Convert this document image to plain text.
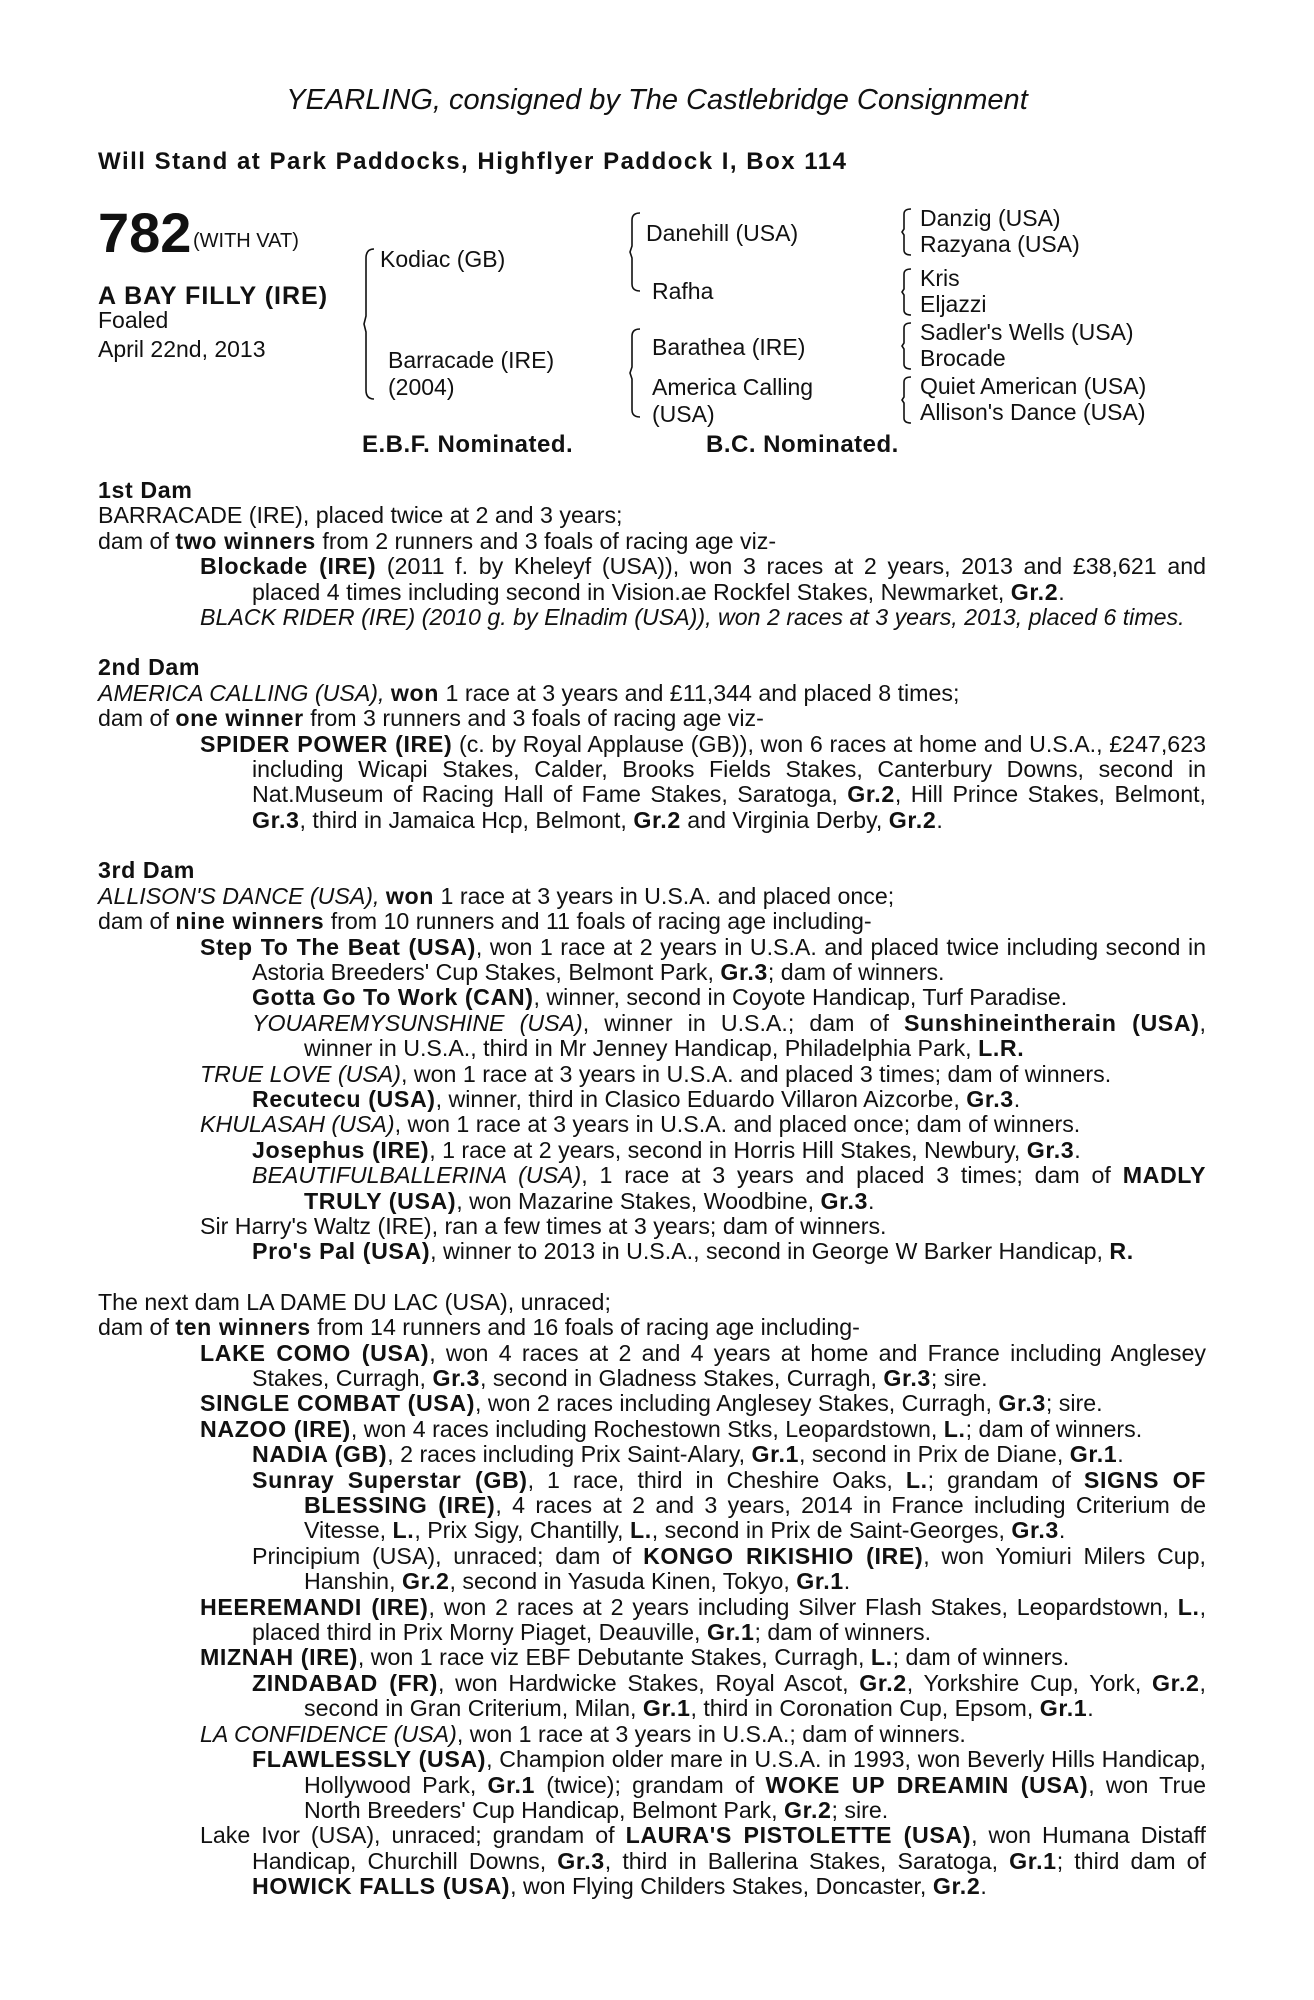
YEARLING, consigned by The Castlebridge Consignment
Will Stand at Park Paddocks, Highflyer Paddock I, Box 114
782 (WITH VAT)
A BAY FILLY (IRE)
Foaled
April 22nd, 2013
Kodiac (GB)
Barracade (IRE)
(2004)
Danehill (USA)
Rafha
Barathea (IRE)
America Calling
(USA)
Danzig (USA)
Razyana (USA)
Kris
Eljazzi
Sadler's Wells (USA)
Brocade
Quiet American (USA)
Allison's Dance (USA)
E.B.F. Nominated.	B.C. Nominated.

1st Dam

BARRACADE (IRE), placed twice at 2 and 3 years;

dam of two winners from 2 runners and 3 foals of racing age viz-

Blockade (IRE) (2011 f. by Kheleyf (USA)), won 3 races at 2 years, 2013 and £38,621 and placed 4 times including second in Vision.ae Rockfel Stakes, Newmarket, Gr.2.

BLACK RIDER (IRE) (2010 g. by Elnadim (USA)), won 2 races at 3 years, 2013, placed 6 times.

2nd Dam

AMERICA CALLING (USA), won 1 race at 3 years and £11,344 and placed 8 times;

dam of one winner from 3 runners and 3 foals of racing age viz-

SPIDER POWER (IRE) (c. by Royal Applause (GB)), won 6 races at home and U.S.A., £247,623 including Wicapi Stakes, Calder, Brooks Fields Stakes, Canterbury Downs, second in Nat.Museum of Racing Hall of Fame Stakes, Saratoga, Gr.2, Hill Prince Stakes, Belmont, Gr.3, third in Jamaica Hcp, Belmont, Gr.2 and Virginia Derby, Gr.2.

3rd Dam

ALLISON'S DANCE (USA), won 1 race at 3 years in U.S.A. and placed once;

dam of nine winners from 10 runners and 11 foals of racing age including-

Step To The Beat (USA), won 1 race at 2 years in U.S.A. and placed twice including second in Astoria Breeders' Cup Stakes, Belmont Park, Gr.3; dam of winners.

Gotta Go To Work (CAN), winner, second in Coyote Handicap, Turf Paradise.

YOUAREMYSUNSHINE (USA), winner in U.S.A.; dam of Sunshineintherain (USA), winner in U.S.A., third in Mr Jenney Handicap, Philadelphia Park, L.R.

TRUE LOVE (USA), won 1 race at 3 years in U.S.A. and placed 3 times; dam of winners.

Recutecu (USA), winner, third in Clasico Eduardo Villaron Aizcorbe, Gr.3.

KHULASAH (USA), won 1 race at 3 years in U.S.A. and placed once; dam of winners.

Josephus (IRE), 1 race at 2 years, second in Horris Hill Stakes, Newbury, Gr.3.

BEAUTIFULBALLERINA (USA), 1 race at 3 years and placed 3 times; dam of MADLY TRULY (USA), won Mazarine Stakes, Woodbine, Gr.3.

Sir Harry's Waltz (IRE), ran a few times at 3 years; dam of winners.

Pro's Pal (USA), winner to 2013 in U.S.A., second in George W Barker Handicap, R.

The next dam LA DAME DU LAC (USA), unraced;

dam of ten winners from 14 runners and 16 foals of racing age including-

LAKE COMO (USA), won 4 races at 2 and 4 years at home and France including Anglesey Stakes, Curragh, Gr.3, second in Gladness Stakes, Curragh, Gr.3; sire.

SINGLE COMBAT (USA), won 2 races including Anglesey Stakes, Curragh, Gr.3; sire.

NAZOO (IRE), won 4 races including Rochestown Stks, Leopardstown, L.; dam of winners.

NADIA (GB), 2 races including Prix Saint-Alary, Gr.1, second in Prix de Diane, Gr.1.

Sunray Superstar (GB), 1 race, third in Cheshire Oaks, L.; grandam of SIGNS OF BLESSING (IRE), 4 races at 2 and 3 years, 2014 in France including Criterium de Vitesse, L., Prix Sigy, Chantilly, L., second in Prix de Saint-Georges, Gr.3.

Principium (USA), unraced; dam of KONGO RIKISHIO (IRE), won Yomiuri Milers Cup, Hanshin, Gr.2, second in Yasuda Kinen, Tokyo, Gr.1.

HEEREMANDI (IRE), won 2 races at 2 years including Silver Flash Stakes, Leopardstown, L., placed third in Prix Morny Piaget, Deauville, Gr.1; dam of winners.

MIZNAH (IRE), won 1 race viz EBF Debutante Stakes, Curragh, L.; dam of winners.

ZINDABAD (FR), won Hardwicke Stakes, Royal Ascot, Gr.2, Yorkshire Cup, York, Gr.2, second in Gran Criterium, Milan, Gr.1, third in Coronation Cup, Epsom, Gr.1.

LA CONFIDENCE (USA), won 1 race at 3 years in U.S.A.; dam of winners.

FLAWLESSLY (USA), Champion older mare in U.S.A. in 1993, won Beverly Hills Handicap, Hollywood Park, Gr.1 (twice); grandam of WOKE UP DREAMIN (USA), won True North Breeders' Cup Handicap, Belmont Park, Gr.2; sire.

Lake Ivor (USA), unraced; grandam of LAURA'S PISTOLETTE (USA), won Humana Distaff Handicap, Churchill Downs, Gr.3, third in Ballerina Stakes, Saratoga, Gr.1; third dam of HOWICK FALLS (USA), won Flying Childers Stakes, Doncaster, Gr.2.
